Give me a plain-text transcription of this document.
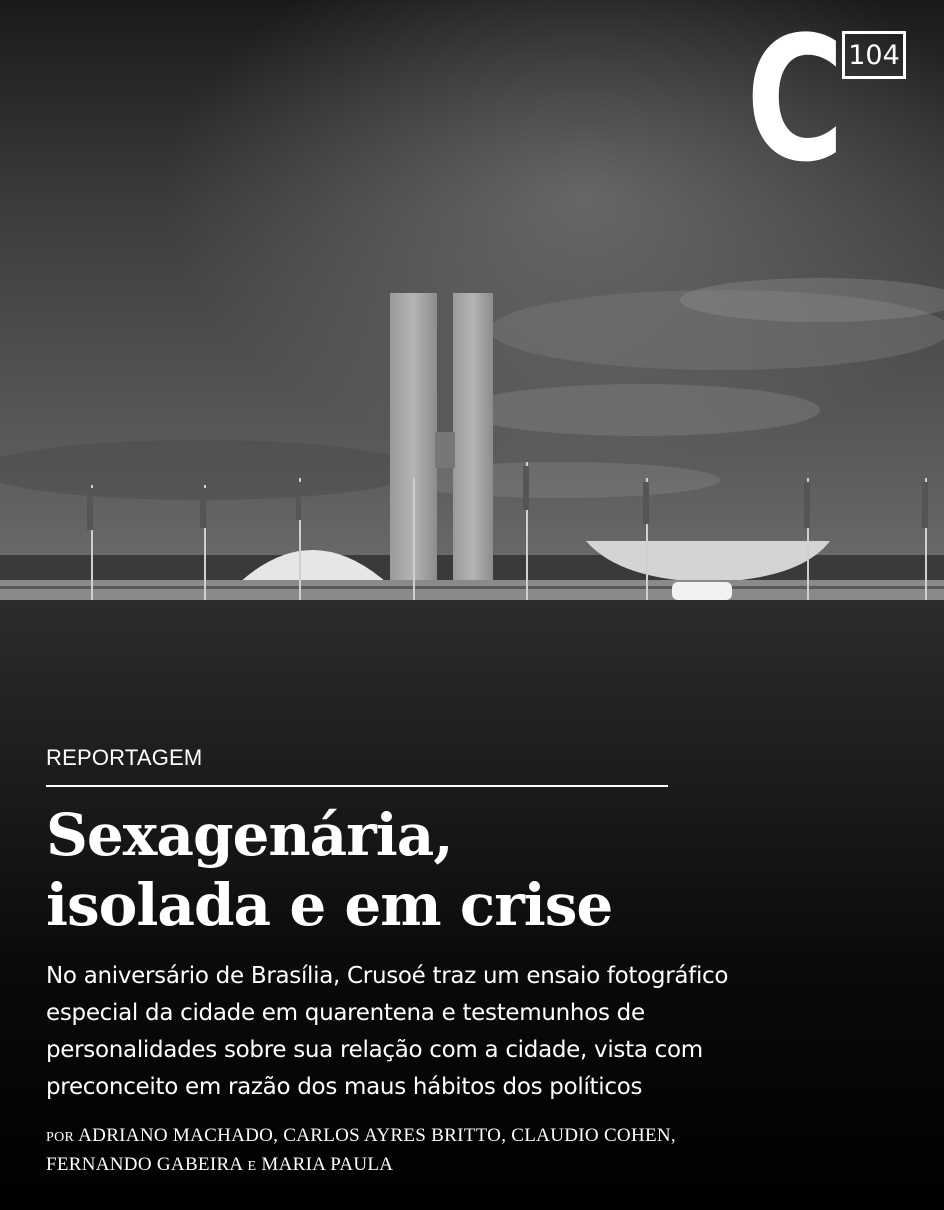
C 104
REPORTAGEM
Sexagenária,
isolada e em crise
No aniversário de Brasília, Crusoé traz um ensaio fotográfico
especial da cidade em quarentena e testemunhos de
personalidades sobre sua relação com a cidade, vista com
preconceito em razão dos maus hábitos dos políticos
POR ADRIANO MACHADO, CARLOS AYRES BRITTO, CLAUDIO COHEN,
FERNANDO GABEIRA E MARIA PAULA
